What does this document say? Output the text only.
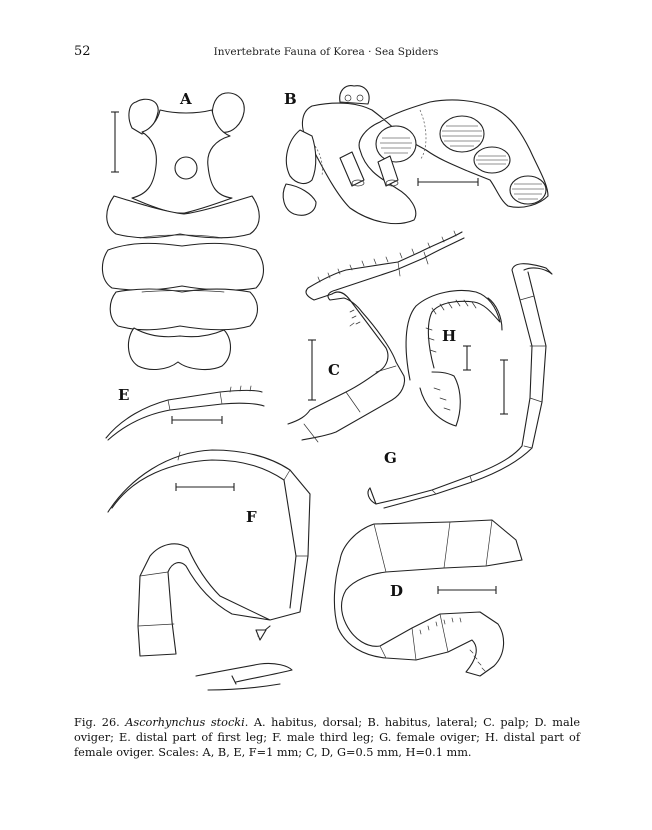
52	Invertebrate Fauna of Korea · Sea Spiders
A	B
C
H
G
E
F
D
Fig. 26. Ascorhynchus stocki. A. habitus, dorsal; B. habitus, lateral; C. palp; D. male oviger; E. distal part of first leg; F. male third leg; G. female oviger; H. distal part of female oviger. Scales: A, B, E, F=1 mm; C, D, G=0.5 mm, H=0.1 mm.
